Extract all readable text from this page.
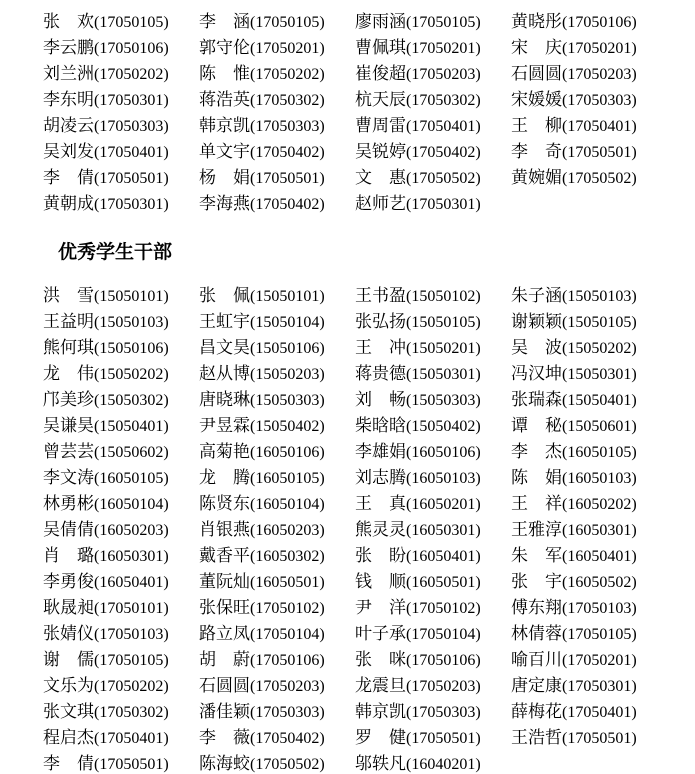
张　欢(17050105)	李　涵(17050105)	廖雨涵(17050105)	黄晓彤(17050106)
李云鹏(17050106)	郭守伦(17050201)	曹佩琪(17050201)	宋　庆(17050201)
刘兰洲(17050202)	陈　惟(17050202)	崔俊超(17050203)	石圆圆(17050203)
李东明(17050301)	蒋浩英(17050302)	杭天辰(17050302)	宋媛媛(17050303)
胡凌云(17050303)	韩京凯(17050303)	曹周雷(17050401)	王　柳(17050401)
吴刘发(17050401)	单文宇(17050402)	吴锐婷(17050402)	李　奇(17050501)
李　倩(17050501)	杨　娟(17050501)	文　惠(17050502)	黄婉媚(17050502)
黄朝成(17050301)	李海燕(17050402)	赵师艺(17050301)
优秀学生干部
洪　雪(15050101)	张　佩(15050101)	王书盈(15050102)	朱子涵(15050103)
王益明(15050103)	王虹宇(15050104)	张弘扬(15050105)	谢颖颖(15050105)
熊何琪(15050106)	昌文昊(15050106)	王　冲(15050201)	吴　波(15050202)
龙　伟(15050202)	赵从博(15050203)	蒋贵德(15050301)	冯汉坤(15050301)
邝美珍(15050302)	唐晓琳(15050303)	刘　畅(15050303)	张瑞森(15050401)
吴谦昊(15050401)	尹昱霖(15050402)	柴晗晗(15050402)	谭　秘(15050601)
曾芸芸(15050602)	高菊艳(16050106)	李雄娟(16050106)	李　杰(16050105)
李文涛(16050105)	龙　腾(16050105)	刘志腾(16050103)	陈　娟(16050103)
林勇彬(16050104)	陈贤东(16050104)	王　真(16050201)	王　祥(16050202)
吴倩倩(16050203)	肖银燕(16050203)	熊灵灵(16050301)	王雅淳(16050301)
肖　璐(16050301)	戴香平(16050302)	张　盼(16050401)	朱　军(16050401)
李勇俊(16050401)	董阮灿(16050501)	钱　顺(16050501)	张　宇(16050502)
耿晟昶(17050101)	张保旺(17050102)	尹　洋(17050102)	傅东翔(17050103)
张婧仪(17050103)	路立凤(17050104)	叶子承(17050104)	林倩蓉(17050105)
谢　儒(17050105)	胡　蔚(17050106)	张　咪(17050106)	喻百川(17050201)
文乐为(17050202)	石圆圆(17050203)	龙震旦(17050203)	唐定康(17050301)
张文琪(17050302)	潘佳颖(17050303)	韩京凯(17050303)	薛梅花(17050401)
程启杰(17050401)	李　薇(17050402)	罗　健(17050501)	王浩哲(17050501)
李　倩(17050501)	陈海蛟(17050502)	邬轶凡(16040201)
